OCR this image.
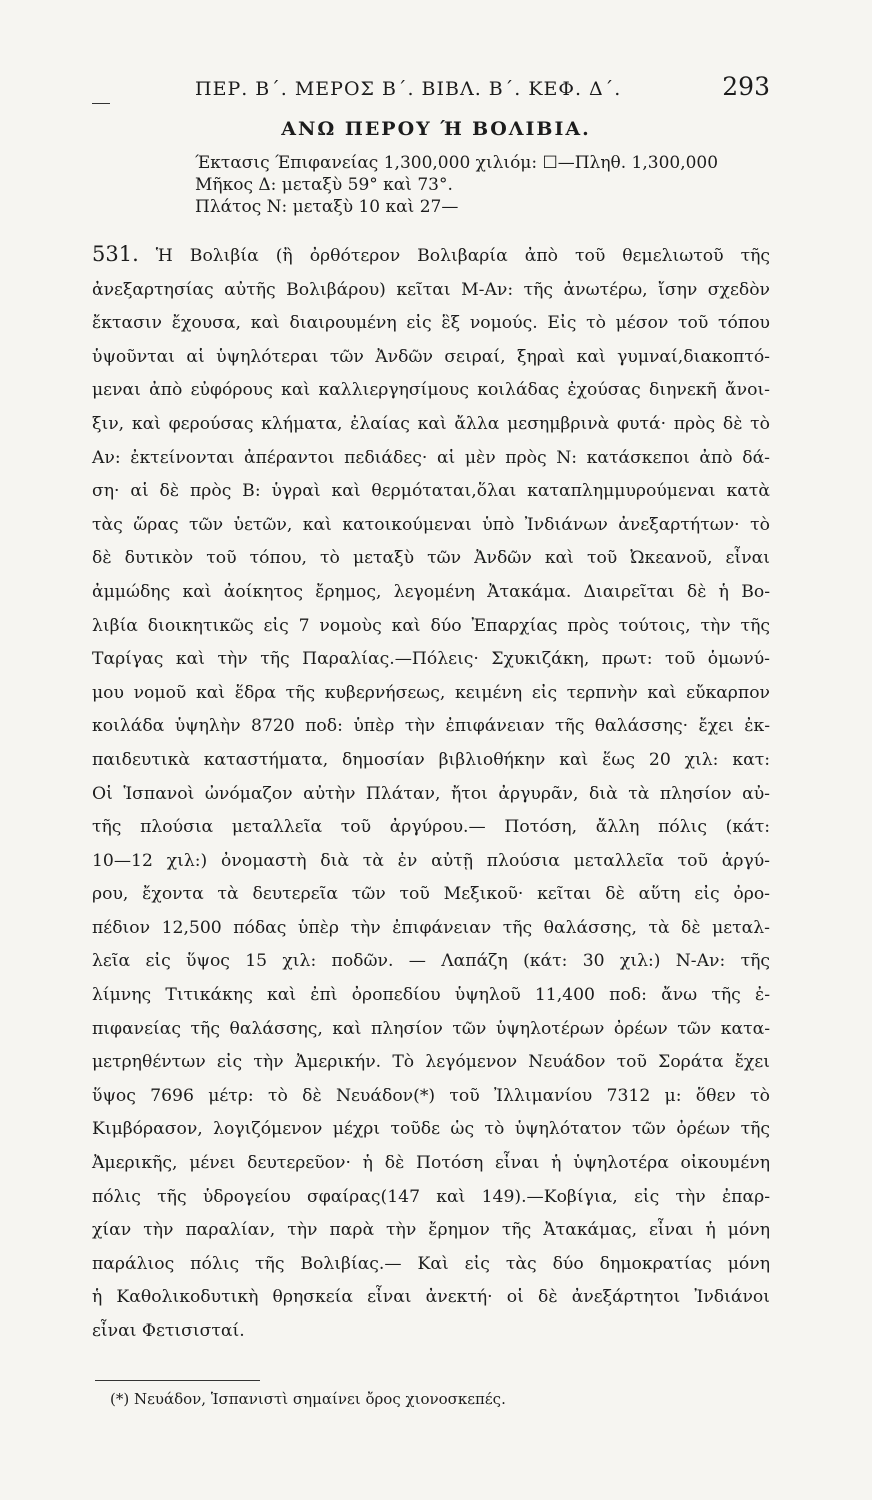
ΠΕΡ. Β΄. ΜΕΡΟΣ Β΄. ΒΙΒΛ. Β΄. ΚΕΦ. Δ΄.	293
ΑΝΩ ΠΕΡΟΥ Ή ΒΟΛΙΒΙΑ.
Έκτασις Έπιφανείας 1,300,000 χιλιόμ: ☐—Πληθ. 1,300,000
Μῆκος Δ: μεταξὺ 59° καὶ 73°.
Πλάτος Ν: μεταξὺ 10 καὶ 27—
531. Ἡ Βολιβία (ἢ ὀρθότερον Βολιβαρία ἀπὸ τοῦ θεμελιωτοῦ τῆς
ἀνεξαρτησίας αὐτῆς Βολιβάρου) κεῖται Μ-Αν: τῆς ἀνωτέρω, ἴσην σχεδὸν
ἔκτασιν ἔχουσα, καὶ διαιρουμένη εἰς ἓξ νομούς. Εἰς τὸ μέσον τοῦ τόπου
ὑψοῦνται αἱ ὑψηλότεραι τῶν Ἀνδῶν σειραί, ξηραὶ καὶ γυμναί,διακοπτό-
μεναι ἀπὸ εὐφόρους καὶ καλλιεργησίμους κοιλάδας ἐχούσας διηνεκῆ ἄνοι-
ξιν, καὶ φερούσας κλήματα, ἐλαίας καὶ ἄλλα μεσημβρινὰ φυτά· πρὸς δὲ τὸ
Αν: ἐκτείνονται ἀπέραντοι πεδιάδες· αἱ μὲν πρὸς Ν: κατάσκεποι ἀπὸ δά-
ση· αἱ δὲ πρὸς Β: ὑγραὶ καὶ θερμόταται,ὅλαι καταπλημμυρούμεναι κατὰ
τὰς ὥρας τῶν ὑετῶν, καὶ κατοικούμεναι ὑπὸ Ἰνδιάνων ἀνεξαρτήτων· τὸ
δὲ δυτικὸν τοῦ τόπου, τὸ μεταξὺ τῶν Ἀνδῶν καὶ τοῦ Ὠκεανοῦ, εἶναι
ἀμμώδης καὶ ἀοίκητος ἔρημος, λεγομένη Ἀτακάμα. Διαιρεῖται δὲ ἡ Βο-
λιβία διοικητικῶς εἰς 7 νομοὺς καὶ δύο Ἐπαρχίας πρὸς τούτοις, τὴν τῆς
Ταρίγας καὶ τὴν τῆς Παραλίας.—Πόλεις· Σχυκιζάκη, πρωτ: τοῦ ὁμωνύ-
μου νομοῦ καὶ ἕδρα τῆς κυβερνήσεως, κειμένη εἰς τερπνὴν καὶ εὔκαρπον
κοιλάδα ὑψηλὴν 8720 ποδ: ὑπὲρ τὴν ἐπιφάνειαν τῆς θαλάσσης· ἔχει ἐκ-
παιδευτικὰ καταστήματα, δημοσίαν βιβλιοθήκην καὶ ἕως 20 χιλ: κατ:
Οἱ Ἱσπανοὶ ὠνόμαζον αὐτὴν Πλάταν, ἤτοι ἀργυρᾶν, διὰ τὰ πλησίον αὐ-
τῆς πλούσια μεταλλεῖα τοῦ ἀργύρου.— Ποτόση, ἄλλη πόλις (κάτ:
10—12 χιλ:) ὀνομαστὴ διὰ τὰ ἐν αὐτῇ πλούσια μεταλλεῖα τοῦ ἀργύ-
ρου, ἔχοντα τὰ δευτερεῖα τῶν τοῦ Μεξικοῦ· κεῖται δὲ αὕτη εἰς ὀρο-
πέδιον 12,500 πόδας ὑπὲρ τὴν ἐπιφάνειαν τῆς θαλάσσης, τὰ δὲ μεταλ-
λεῖα εἰς ὕψος 15 χιλ: ποδῶν. — Λαπάζη (κάτ: 30 χιλ:) Ν-Αν: τῆς
λίμνης Τιτικάκης καὶ ἐπὶ ὀροπεδίου ὑψηλοῦ 11,400 ποδ: ἄνω τῆς ἐ-
πιφανείας τῆς θαλάσσης, καὶ πλησίον τῶν ὑψηλοτέρων ὀρέων τῶν κατα-
μετρηθέντων εἰς τὴν Ἀμερικήν. Τὸ λεγόμενον Νευάδον τοῦ Σοράτα ἔχει
ὕψος 7696 μέτρ: τὸ δὲ Νευάδον(*) τοῦ Ἰλλιμανίου 7312 μ: ὅθεν τὸ
Κιμβόρασον, λογιζόμενον μέχρι τοῦδε ὡς τὸ ὑψηλότατον τῶν ὀρέων τῆς
Ἀμερικῆς, μένει δευτερεῦον· ἡ δὲ Ποτόση εἶναι ἡ ὑψηλοτέρα οἰκουμένη
πόλις τῆς ὑδρογείου σφαίρας(147 καὶ 149).—Κοβίγια, εἰς τὴν ἐπαρ-
χίαν τὴν παραλίαν, τὴν παρὰ τὴν ἔρημον τῆς Ἀτακάμας, εἶναι ἡ μόνη
παράλιος πόλις τῆς Βολιβίας.— Καὶ εἰς τὰς δύο δημοκρατίας μόνη
ἡ Καθολικοδυτικὴ θρησκεία εἶναι ἀνεκτή· οἱ δὲ ἀνεξάρτητοι Ἰνδιάνοι
εἶναι Φετισισταί.
(*) Νευάδον, Ἱσπανιστὶ σημαίνει ὄρος χιονοσκεπές.
